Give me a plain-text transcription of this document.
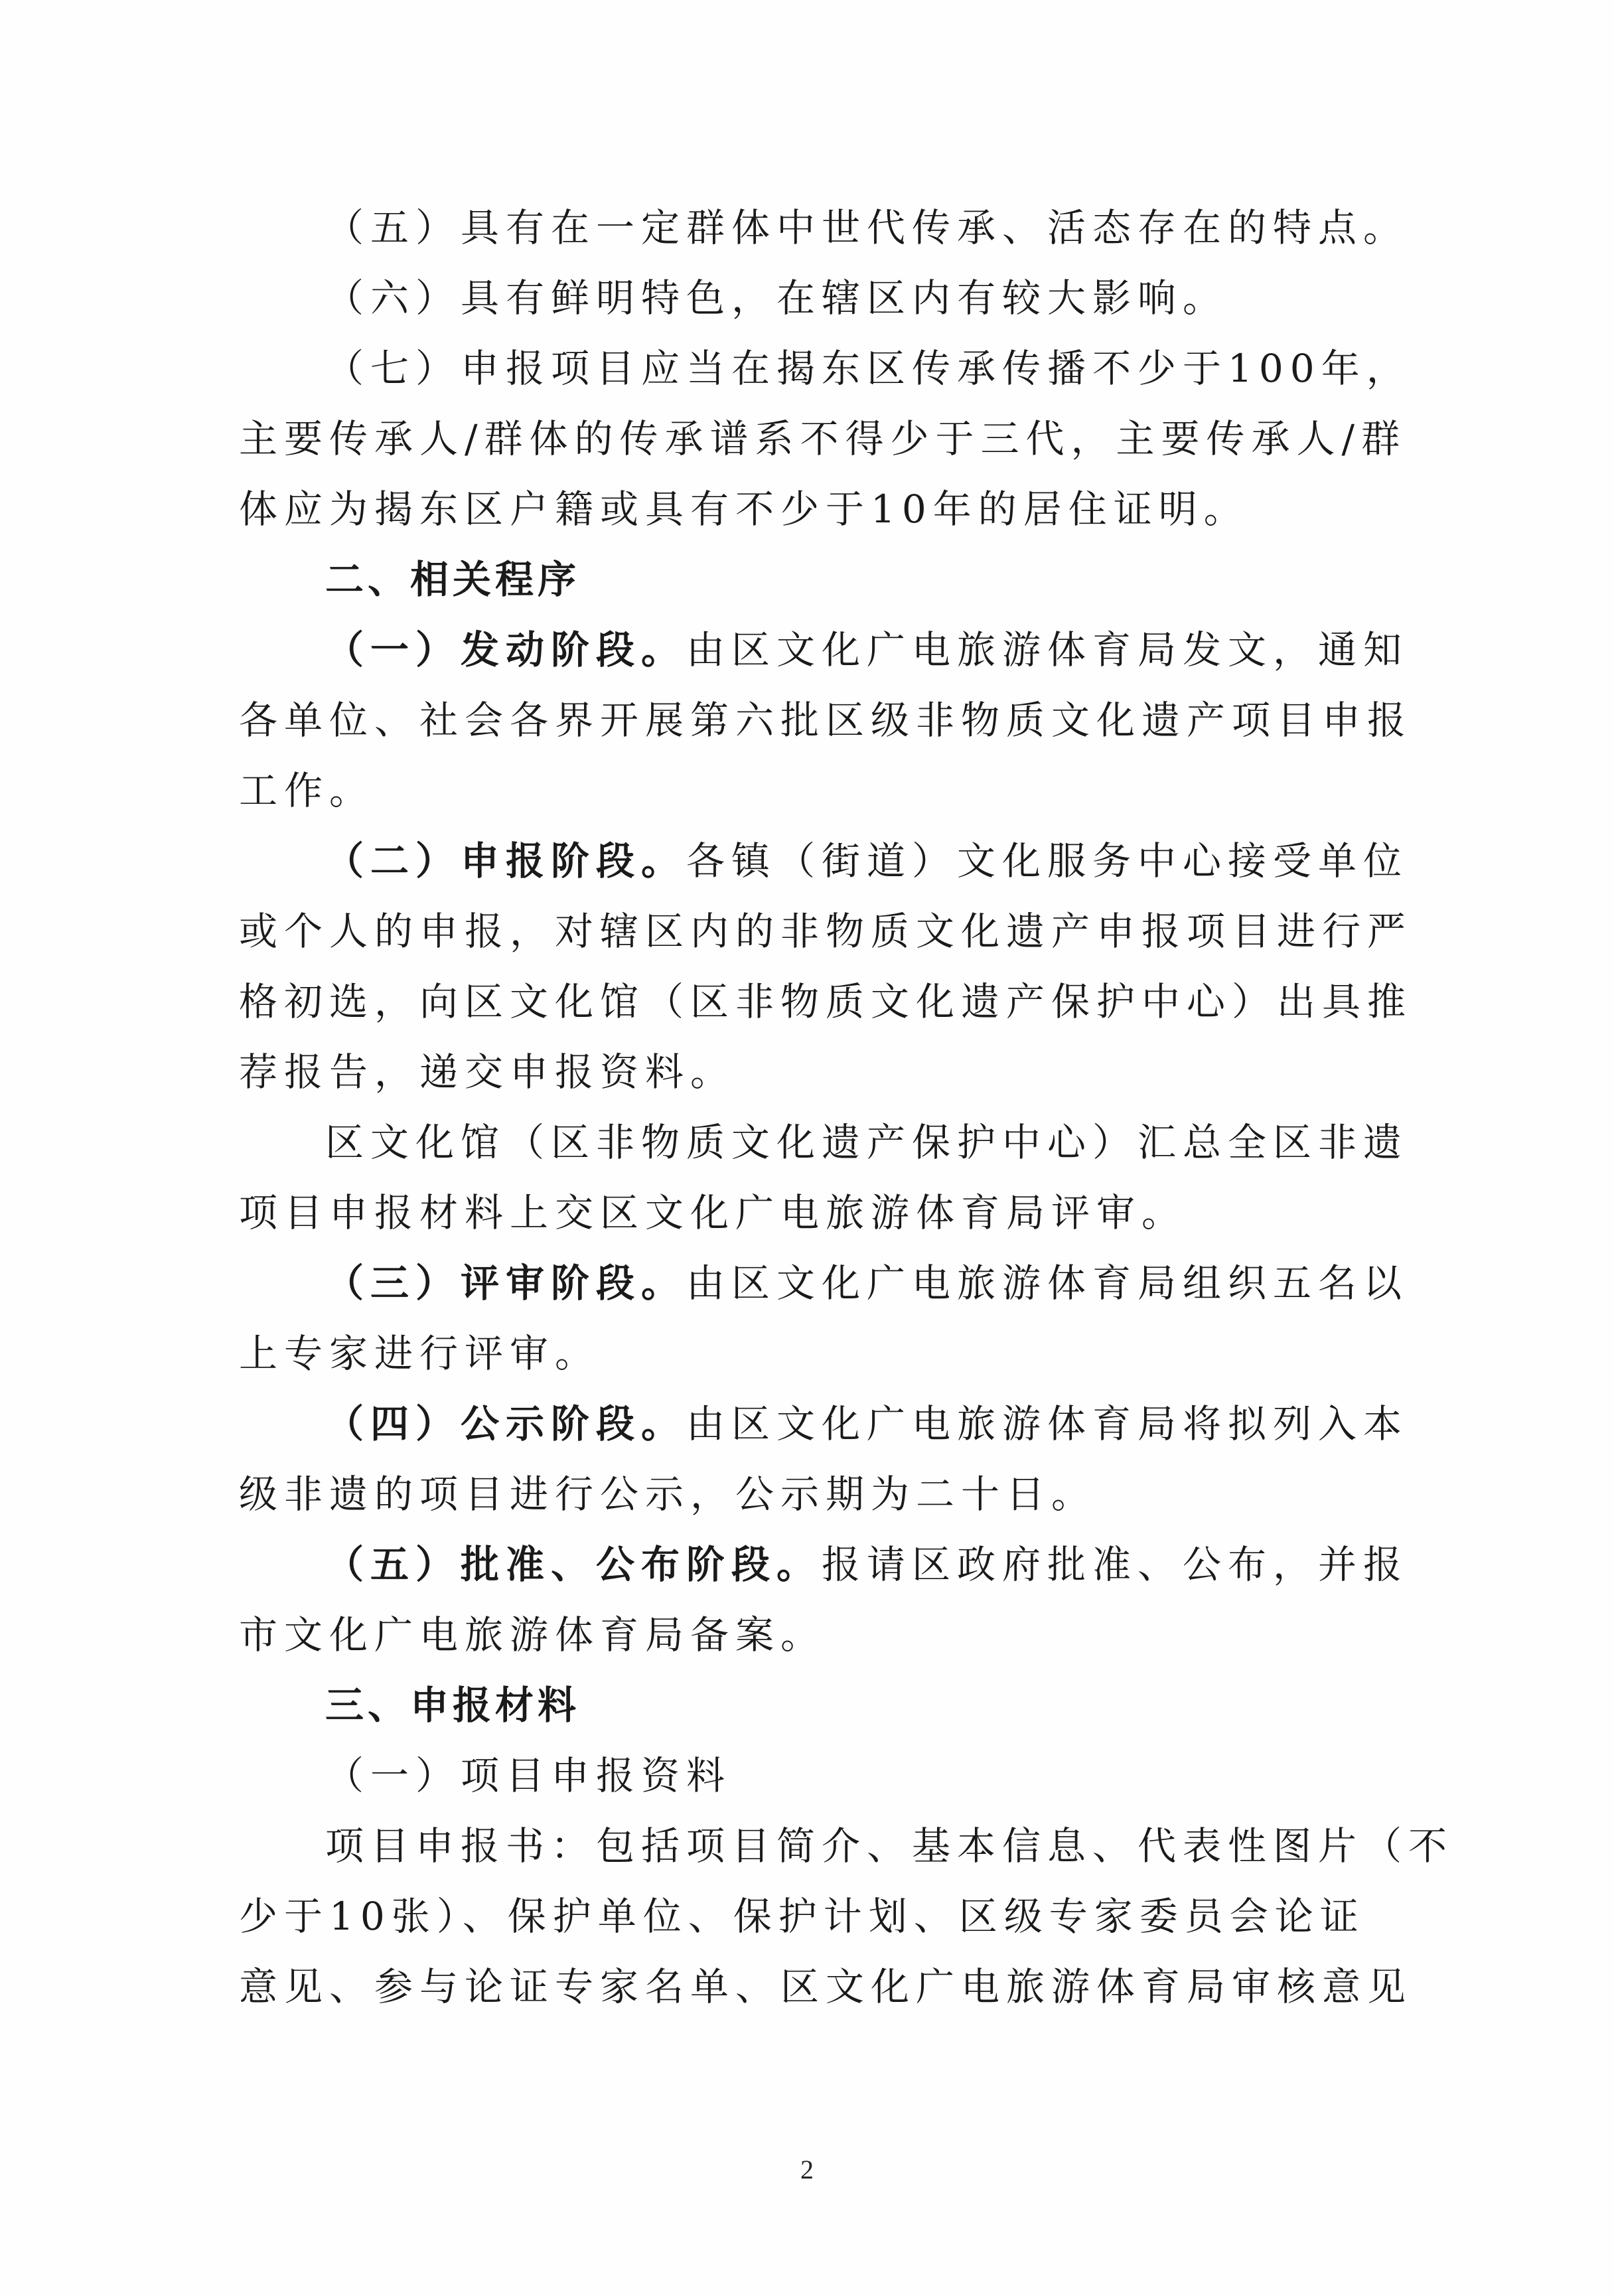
（五）具有在一定群体中世代传承、活态存在的特点。
（六）具有鲜明特色，在辖区内有较大影响。
（七）申报项目应当在揭东区传承传播不少于100年，
主要传承人/群体的传承谱系不得少于三代，主要传承人/群
体应为揭东区户籍或具有不少于10年的居住证明。
二、相关程序
（一）发动阶段。由区文化广电旅游体育局发文，通知
各单位、社会各界开展第六批区级非物质文化遗产项目申报
工作。
（二）申报阶段。各镇（街道）文化服务中心接受单位
或个人的申报，对辖区内的非物质文化遗产申报项目进行严
格初选，向区文化馆（区非物质文化遗产保护中心）出具推
荐报告，递交申报资料。
区文化馆（区非物质文化遗产保护中心）汇总全区非遗
项目申报材料上交区文化广电旅游体育局评审。
（三）评审阶段。由区文化广电旅游体育局组织五名以
上专家进行评审。
（四）公示阶段。由区文化广电旅游体育局将拟列入本
级非遗的项目进行公示，公示期为二十日。
（五）批准、公布阶段。报请区政府批准、公布，并报
市文化广电旅游体育局备案。
三、申报材料
（一）项目申报资料
项目申报书：包括项目简介、基本信息、代表性图片（不
少于10张）、保护单位、保护计划、区级专家委员会论证
意见、参与论证专家名单、区文化广电旅游体育局审核意见
2
